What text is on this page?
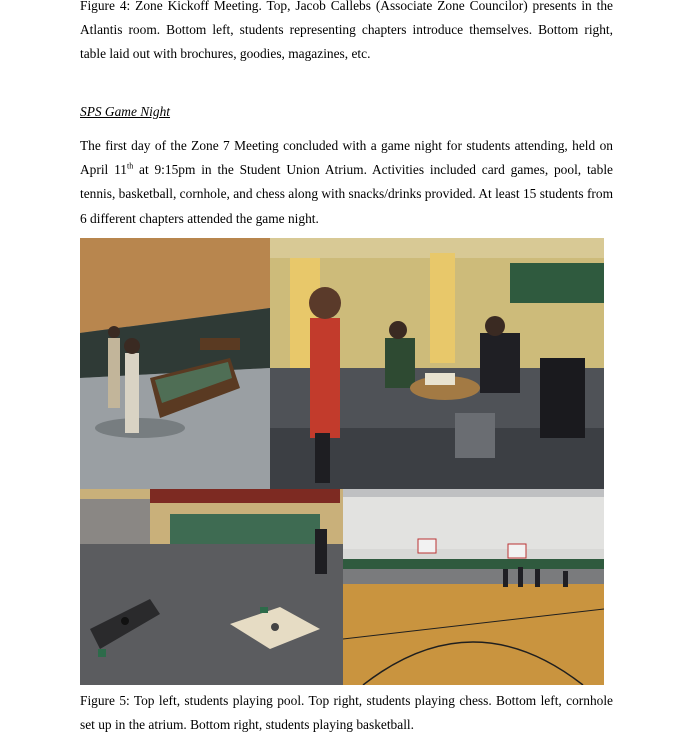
Figure 4: Zone Kickoff Meeting. Top, Jacob Callebs (Associate Zone Councilor) presents in the Atlantis room. Bottom left, students representing chapters introduce themselves. Bottom right, table laid out with brochures, goodies, magazines, etc.

SPS Game Night

The first day of the Zone 7 Meeting concluded with a game night for students attending, held on April 11th at 9:15pm in the Student Union Atrium. Activities included card games, pool, table tennis, basketball, cornhole, and chess along with snacks/drinks provided. At least 15 students from 6 different chapters attended the game night.

Figure 5: Top left, students playing pool. Top right, students playing chess. Bottom left, cornhole set up in the atrium. Bottom right, students playing basketball.
